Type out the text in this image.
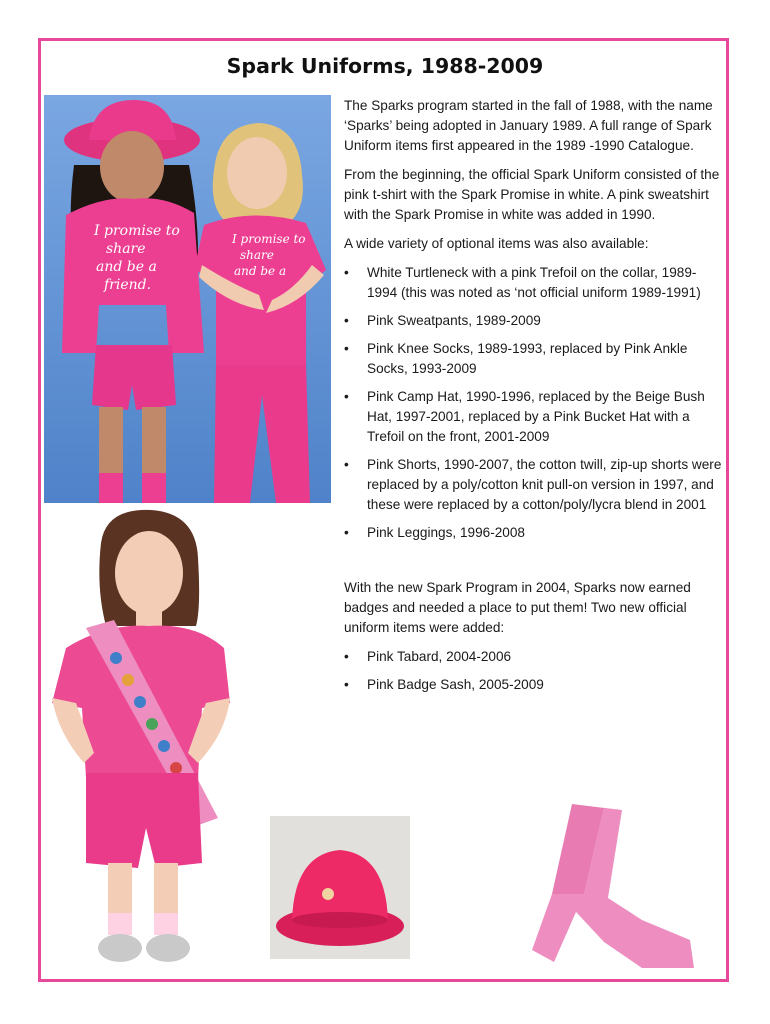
Spark Uniforms, 1988-2009
I promise to
share
and be a
friend.
I promise to
share
and be a

The Sparks program started in the fall of 1988, with the name ‘Sparks’ being adopted in January 1989. A full range of Spark Uniform items first appeared in the 1989 -1990 Catalogue.

From the beginning, the official Spark Uniform consisted of the pink t-shirt with the Spark Promise in white. A pink sweatshirt with the Spark Promise in white was added in 1990.

A wide variety of optional items was also available:

• White Turtleneck with a pink Trefoil on the collar, 1989-1994 (this was noted as ‘not official uniform 1989-1991)
• Pink Sweatpants, 1989-2009
• Pink Knee Socks, 1989-1993, replaced by Pink Ankle Socks, 1993-2009
• Pink Camp Hat, 1990-1996, replaced by the Beige Bush Hat, 1997-2001, replaced by a Pink Bucket Hat with a Trefoil on the front, 2001-2009
• Pink Shorts, 1990-2007, the cotton twill, zip-up shorts were replaced by a poly/cotton knit pull-on version in 1997, and these were replaced by a cotton/poly/lycra blend in 2001
• Pink Leggings, 1996-2008

With the new Spark Program in 2004, Sparks now earned badges and needed a place to put them! Two new official uniform items were added:

• Pink Tabard, 2004-2006
• Pink Badge Sash, 2005-2009
